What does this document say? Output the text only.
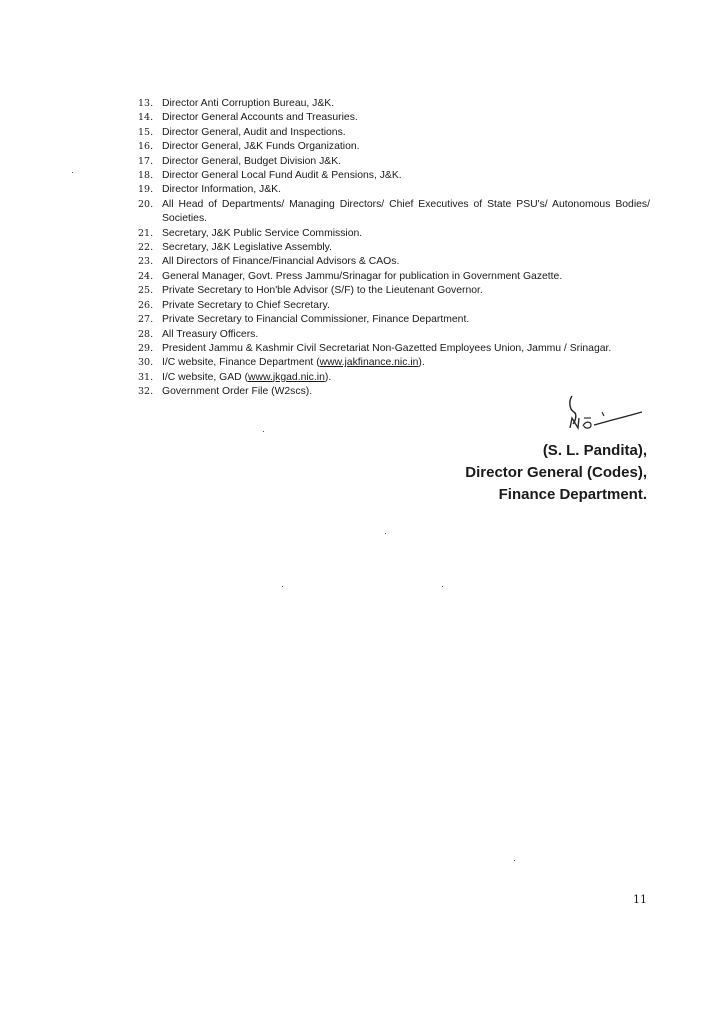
13. Director Anti Corruption Bureau, J&K.
14. Director General Accounts and Treasuries.
15. Director General, Audit and Inspections.
16. Director General, J&K Funds Organization.
17. Director General, Budget Division J&K.
18. Director General Local Fund Audit & Pensions, J&K.
19. Director Information, J&K.
20. All Head of Departments/ Managing Directors/ Chief Executives of State PSU's/ Autonomous Bodies/ Societies.
21. Secretary, J&K Public Service Commission.
22. Secretary, J&K Legislative Assembly.
23. All Directors of Finance/Financial Advisors & CAOs.
24. General Manager, Govt. Press Jammu/Srinagar for publication in Government Gazette.
25. Private Secretary to Hon'ble Advisor (S/F) to the Lieutenant Governor.
26. Private Secretary to Chief Secretary.
27. Private Secretary to Financial Commissioner, Finance Department.
28. All Treasury Officers.
29. President Jammu & Kashmir Civil Secretariat Non-Gazetted Employees Union, Jammu / Srinagar.
30. I/C website, Finance Department (www.jakfinance.nic.in).
31. I/C website, GAD (www.jkgad.nic.in).
32. Government Order File (W2scs).
(S. L. Pandita),
Director General (Codes),
Finance Department.
11
